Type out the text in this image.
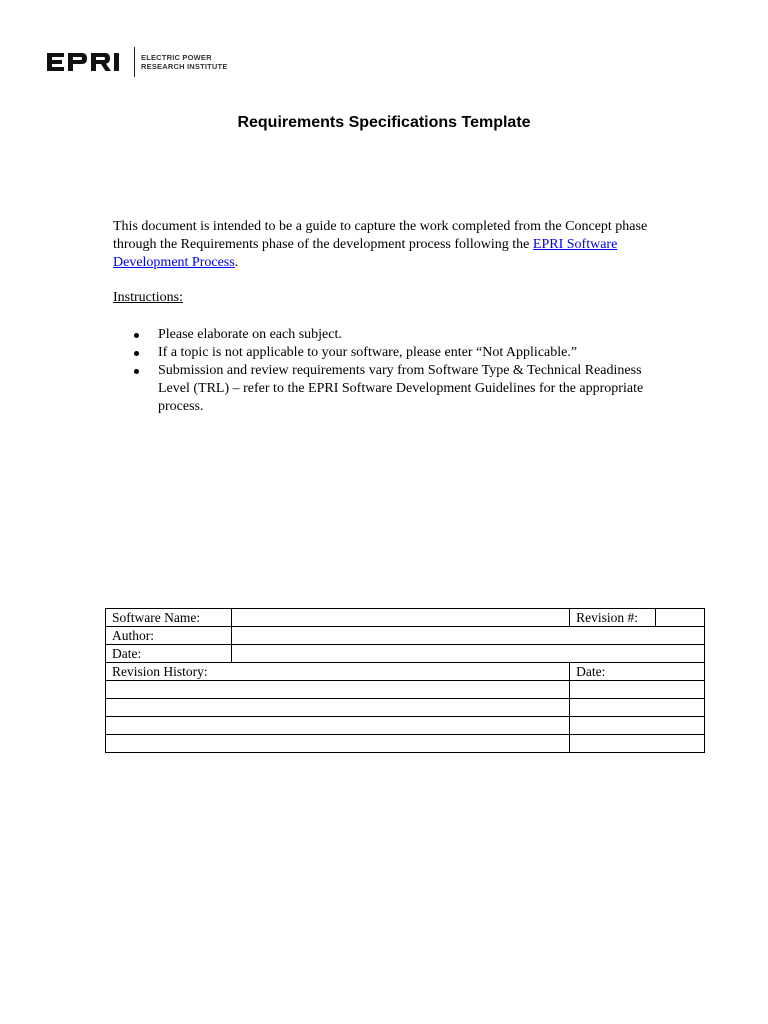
ELECTRIC POWER
RESEARCH INSTITUTE
Requirements Specifications Template
This document is intended to be a guide to capture the work completed from the Concept phase through the Requirements phase of the development process following the EPRI Software Development Process.
Instructions:
Please elaborate on each subject.
If a topic is not applicable to your software, please enter “Not Applicable.”
Submission and review requirements vary from Software Type & Technical Readiness Level (TRL) – refer to the EPRI Software Development Guidelines for the appropriate process.
Software Name:		Revision #:	
Author:			
Date:			
Revision History:		Date:	
